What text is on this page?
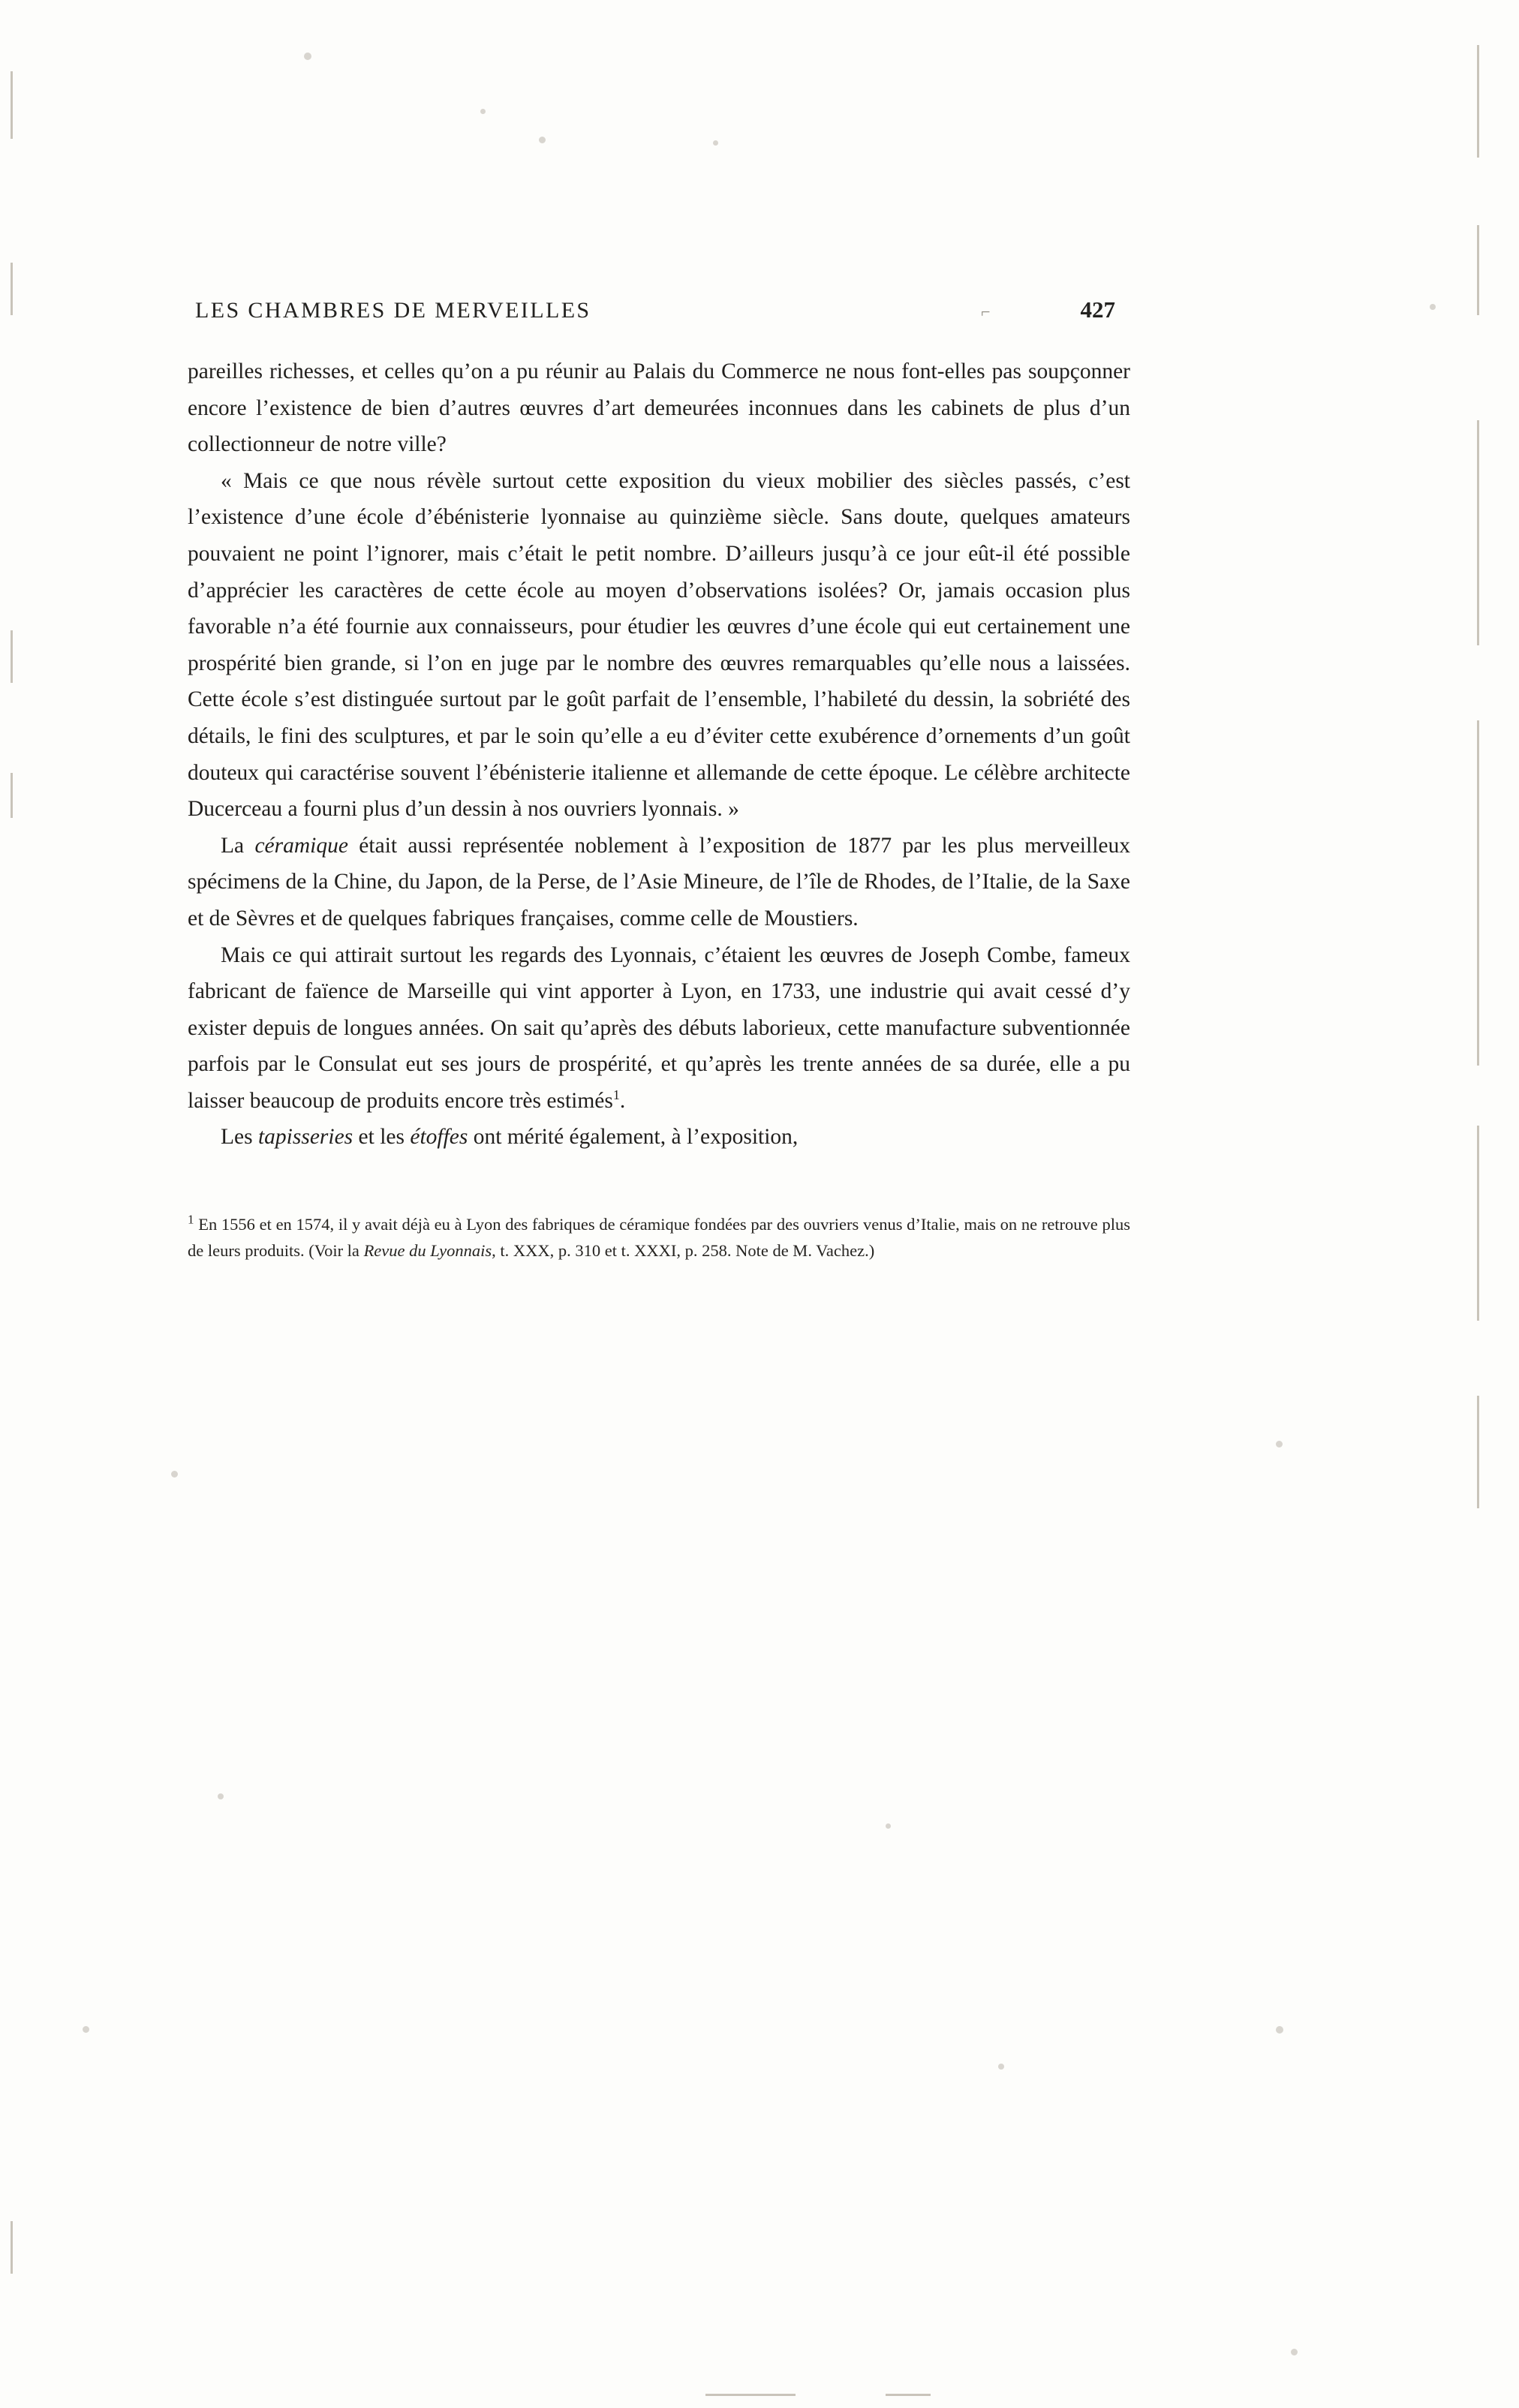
LES CHAMBRES DE MERVEILLES	⌐	427

pareilles richesses, et celles qu’on a pu réunir au Palais du Commerce ne nous font-elles pas soupçonner encore l’existence de bien d’autres œuvres d’art demeurées inconnues dans les cabinets de plus d’un collectionneur de notre ville?

« Mais ce que nous révèle surtout cette exposition du vieux mobilier des siècles passés, c’est l’existence d’une école d’ébénisterie lyonnaise au quinzième siècle. Sans doute, quelques amateurs pouvaient ne point l’ignorer, mais c’était le petit nombre. D’ailleurs jusqu’à ce jour eût-il été possible d’apprécier les caractères de cette école au moyen d’observations isolées? Or, jamais occasion plus favorable n’a été fournie aux connaisseurs, pour étudier les œuvres d’une école qui eut certainement une prospérité bien grande, si l’on en juge par le nombre des œuvres remarquables qu’elle nous a laissées. Cette école s’est distinguée surtout par le goût parfait de l’ensemble, l’habileté du dessin, la sobriété des détails, le fini des sculptures, et par le soin qu’elle a eu d’éviter cette exubérence d’ornements d’un goût douteux qui caractérise souvent l’ébénisterie italienne et allemande de cette époque. Le célèbre architecte Ducerceau a fourni plus d’un dessin à nos ouvriers lyonnais. »

La céramique était aussi représentée noblement à l’exposition de 1877 par les plus merveilleux spécimens de la Chine, du Japon, de la Perse, de l’Asie Mineure, de l’île de Rhodes, de l’Italie, de la Saxe et de Sèvres et de quelques fabriques françaises, comme celle de Moustiers.

Mais ce qui attirait surtout les regards des Lyonnais, c’étaient les œuvres de Joseph Combe, fameux fabricant de faïence de Marseille qui vint apporter à Lyon, en 1733, une industrie qui avait cessé d’y exister depuis de longues années. On sait qu’après des débuts laborieux, cette manufacture subventionnée parfois par le Consulat eut ses jours de prospérité, et qu’après les trente années de sa durée, elle a pu laisser beaucoup de produits encore très estimés$^1$.

Les tapisseries et les étoffes ont mérité également, à l’exposition,

$^1$ En 1556 et en 1574, il y avait déjà eu à Lyon des fabriques de céramique fondées par des ouvriers venus d’Italie, mais on ne retrouve plus de leurs produits. (Voir la Revue du Lyonnais, t. XXX, p. 310 et t. XXXI, p. 258. Note de M. Vachez.)
